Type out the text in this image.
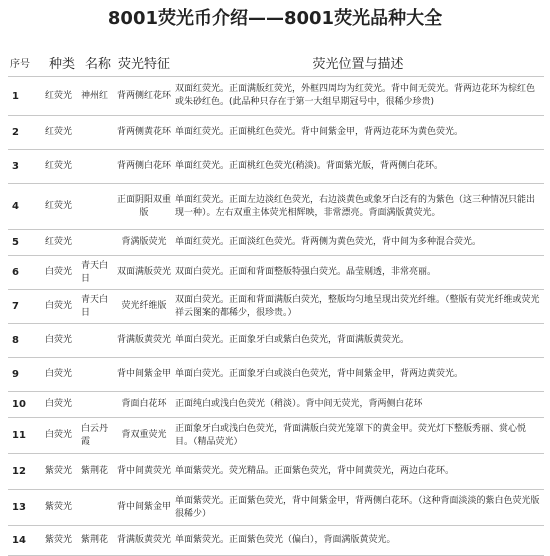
8001荧光币介绍——8001荧光品种大全
序号	种类	名称	荧光特征	荧光位置与描述
1	红荧光	神州红	背两侧红花环	双面红荧光。正面满版红荧光，外框四周均为红荧光。背中间无荧光。背两边花环为棕红色或朱砂红色。(此品种只存在于第一大组早期冠号中，很稀少珍贵)
2	红荧光		背两侧黄花环	单面红荧光。正面桃红色荧光。背中间紫金甲，背两边花环为黄色荧光。
3	红荧光		背两侧白花环	单面红荧光。正面桃红色荧光(稍淡)。背面紫光版，背两侧白花环。
4	红荧光		正面阴阳双重版	单面红荧光。正面左边淡红色荧光，右边淡黄色或象牙白泛有的为紫色（这三种情况只能出现一种）。左右双重主体荧光相辉映，非常漂亮。背面满版黄荧光。
5	红荧光		背满版荧光	单面红荧光。正面淡红色荧光。背两侧为黄色荧光，背中间为多种混合荧光。
6	白荧光	青天白日	双面满版荧光	双面白荧光。正面和背面整版特强白荧光。晶莹剔透，非常亮丽。
7	白荧光	青天白日	荧光纤维版	双面白荧光。正面和背面满版白荧光，整版均匀地呈现出荧光纤维。（整版有荧光纤维或荧光祥云图案的都稀少，很珍贵。）
8	白荧光		背满版黄荧光	单面白荧光。正面象牙白或紫白色荧光，背面满版黄荧光。
9	白荧光		背中间紫金甲	单面白荧光。正面象牙白或淡白色荧光，背中间紫金甲，背两边黄荧光。
10	白荧光		背面白花环	正面纯白或浅白色荧光（稍淡）。背中间无荧光，背两侧白花环
11	白荧光	白云丹霞	背双重荧光	正面象牙白或浅白色荧光，背面满版白荧光笼罩下的黄金甲。荧光灯下整版秀丽、赏心悦目。（精品荧光）
12	紫荧光	紫荆花	背中间黄荧光	单面紫荧光。荧光精品。正面紫色荧光，背中间黄荧光，两边白花环。
13	紫荧光		背中间紫金甲	单面紫荧光。正面紫色荧光，背中间紫金甲，背两侧白花环。（这种背面淡淡的紫白色荧光版很稀少）
14	紫荧光	紫荆花	背满版黄荧光	单面紫荧光。正面紫色荧光（偏白），背面满版黄荧光。
